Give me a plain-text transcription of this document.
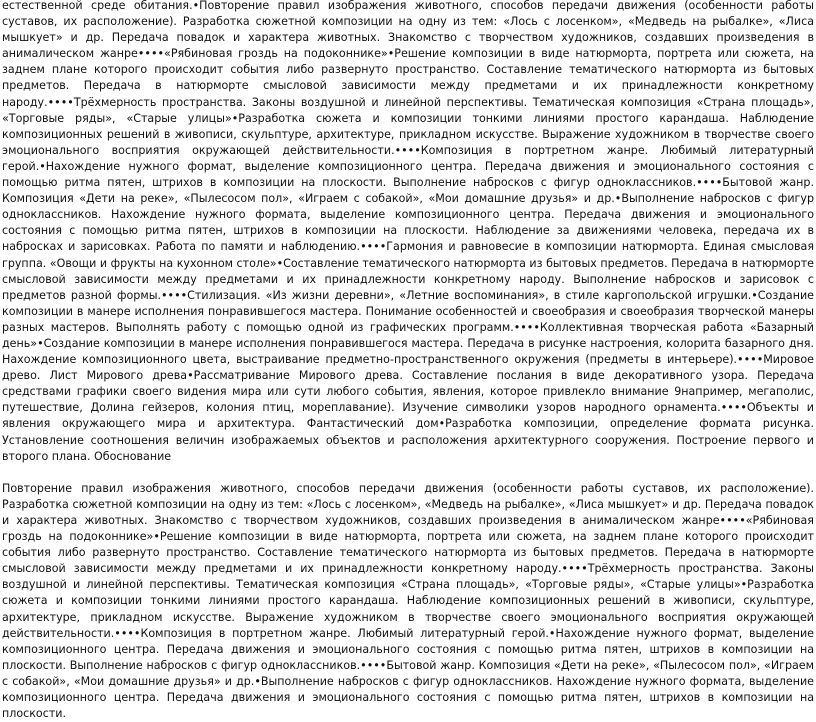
естественной среде обитания.•Повторение правил изображения животного, способов передачи движения (особенности работы суставов, их расположение). Разработка сюжетной композиции на одну из тем: «Лось с лосенком», «Медведь на рыбалке», «Лиса мышкует» и др. Передача повадок и характера животных. Знакомство с творчеством художников, создавших произведения в анималическом жанре••••«Рябиновая гроздь на подоконнике»•Решение композиции в виде натюрморта, портрета или сюжета, на заднем плане которого происходит события либо развернуто пространство. Составление тематического натюрморта из бытовых предметов. Передача в натюрморте смысловой зависимости между предметами и их принадлежности конкретному народу.••••Трёхмерность пространства. Законы воздушной и линейной перспективы. Тематическая композиция «Страна площадь», «Торговые ряды», «Старые улицы»•Разработка сюжета и композиции тонкими линиями простого карандаша. Наблюдение композиционных решений в живописи, скульптуре, архитектуре, прикладном искусстве. Выражение художником в творчестве своего эмоционального восприятия окружающей действительности.••••Композиция в портретном жанре. Любимый литературный герой.•Нахождение нужного формат, выделение композиционного центра. Передача движения и эмоционального состояния с помощью ритма пятен, штрихов в композиции на плоскости. Выполнение набросков с фигур одноклассников.••••Бытовой жанр. Композиция «Дети на реке», «Пылесосом пол», «Играем с собакой», «Мои домашние друзья» и др.•Выполнение набросков с фигур одноклассников. Нахождение нужного формата, выделение композиционного центра. Передача движения и эмоционального состояния с помощью ритма пятен, штрихов в композиции на плоскости. Наблюдение за движениями человека, передача их в набросках и зарисовках. Работа по памяти и наблюдению.••••Гармония и равновесие в композиции натюрморта. Единая смысловая группа. «Овощи и фрукты на кухонном столе»•Составление тематического натюрморта из бытовых предметов. Передача в натюрморте смысловой зависимости между предметами и их принадлежности конкретному народу. Выполнение набросков и зарисовок с предметов разной формы.••••Стилизация. «Из жизни деревни», «Летние воспоминания», в стиле каргопольской игрушки.•Создание композиции в манере исполнения понравившегося мастера. Понимание особенностей и своеобразия и своеобразия творческой манеры разных мастеров. Выполнять работу с помощью одной из графических программ.••••Коллективная творческая работа «Базарный день»•Создание композиции в манере исполнения понравившегося мастера. Передача в рисунке настроения, колорита базарного дня. Нахождение композиционного цвета, выстраивание предметно-пространственного окружения (предметы в интерьере).••••Мировое древо. Лист Мирового древа•Рассматривание Мирового древа. Составление послания в виде декоративного узора. Передача средствами графики своего видения мира или сути любого события, явления, которое привлекло внимание 9например, мегаполис, путешествие, Долина гейзеров, колония птиц, мореплавание). Изучение символики узоров народного орнамента.••••Объекты и явления окружающего мира и архитектура. Фантастический дом•Разработка композиции, определение формата рисунка. Установление соотношения величин изображаемых объектов и расположения архитектурного сооружения. Построение первого и второго плана. Обоснование

Повторение правил изображения животного, способов передачи движения (особенности работы суставов, их расположение). Разработка сюжетной композиции на одну из тем: «Лось с лосенком», «Медведь на рыбалке», «Лиса мышкует» и др. Передача повадок и характера животных. Знакомство с творчеством художников, создавших произведения в анималическом жанре••••«Рябиновая гроздь на подоконнике»•Решение композиции в виде натюрморта, портрета или сюжета, на заднем плане которого происходит события либо развернуто пространство. Составление тематического натюрморта из бытовых предметов. Передача в натюрморте смысловой зависимости между предметами и их принадлежности конкретному народу.••••Трёхмерность пространства. Законы воздушной и линейной перспективы. Тематическая композиция «Страна площадь», «Торговые ряды», «Старые улицы»•Разработка сюжета и композиции тонкими линиями простого карандаша. Наблюдение композиционных решений в живописи, скульптуре, архитектуре, прикладном искусстве. Выражение художником в творчестве своего эмоционального восприятия окружающей действительности.••••Композиция в портретном жанре. Любимый литературный герой.•Нахождение нужного формат, выделение композиционного центра. Передача движения и эмоционального состояния с помощью ритма пятен, штрихов в композиции на плоскости. Выполнение набросков с фигур одноклассников.••••Бытовой жанр. Композиция «Дети на реке», «Пылесосом пол», «Играем с собакой», «Мои домашние друзья» и др.•Выполнение набросков с фигур одноклассников. Нахождение нужного формата, выделение композиционного центра. Передача движения и эмоционального состояния с помощью ритма пятен, штрихов в композиции на плоскости.
